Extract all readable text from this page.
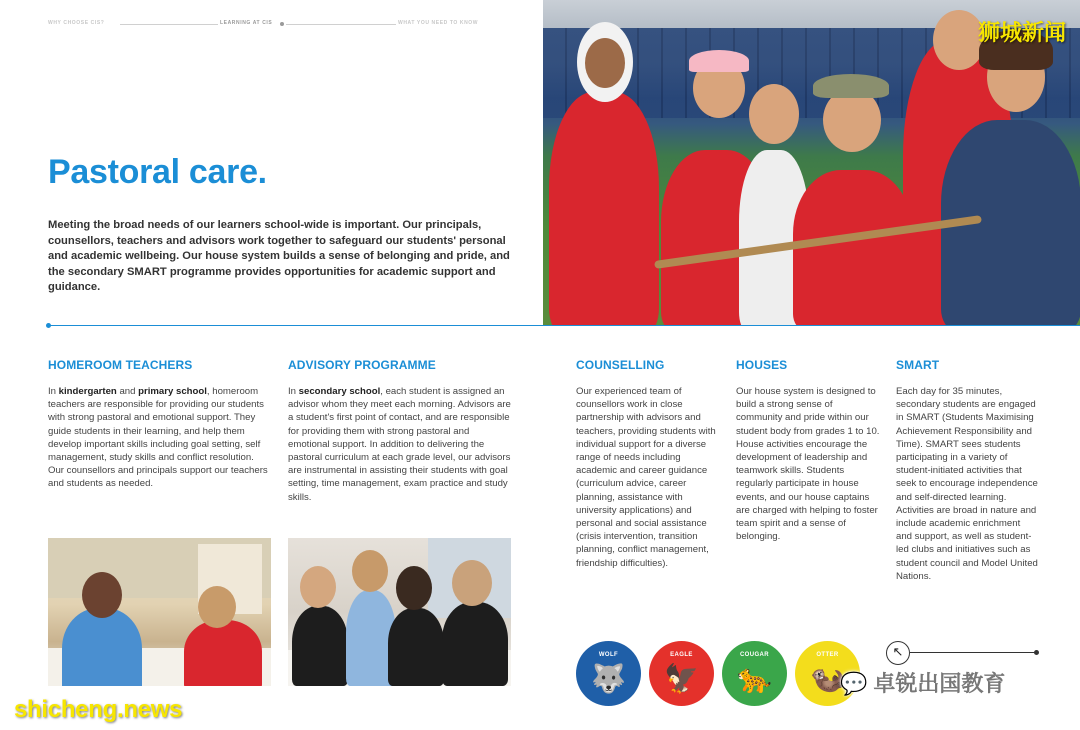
WHY CHOOSE CIS?	LEARNING AT CIS	WHAT YOU NEED TO KNOW	狮城新闻
Pastoral care.

Meeting the broad needs of our learners school-wide is important. Our principals, counsellors, teachers and advisors work together to safeguard our students' personal and academic wellbeing. Our house system builds a sense of belonging and pride, and the secondary SMART programme provides opportunities for academic support and guidance.

HOMEROOM TEACHERS

In kindergarten and primary school, homeroom teachers are responsible for providing our students with strong pastoral and emotional support. They guide students in their learning, and help them develop important skills including goal setting, self management, study skills and conflict resolution. Our counsellors and principals support our teachers and students as needed.

ADVISORY PROGRAMME

In secondary school, each student is assigned an advisor whom they meet each morning. Advisors are a student's first point of contact, and are responsible for providing them with strong pastoral and emotional support. In addition to delivering the pastoral curriculum at each grade level, our advisors are instrumental in assisting their students with goal setting, time management, exam practice and study skills.

COUNSELLING

Our experienced team of counsellors work in close partnership with advisors and teachers, providing students with individual support for a diverse range of needs including academic and career guidance (curriculum advice, career planning, assistance with university applications) and personal and social assistance (crisis intervention, transition planning, conflict management, friendship difficulties).

HOUSES

Our house system is designed to build a strong sense of community and pride within our student body from grades 1 to 10. House activities encourage the development of leadership and teamwork skills. Students regularly participate in house events, and our house captains are charged with helping to foster team spirit and a sense of belonging.

SMART

Each day for 35 minutes, secondary students are engaged in SMART (Students Maximising Achievement Responsibility and Time). SMART sees students participating in a variety of student-initiated activities that seek to encourage independence and self-directed learning. Activities are broad in nature and include academic enrichment and support, as well as student-led clubs and initiatives such as student council and Model United Nations.

WOLF
🐺
EAGLE
🦅
COUGAR
🐆
OTTER
🦦
↖
💬 卓锐出国教育
shicheng.news
